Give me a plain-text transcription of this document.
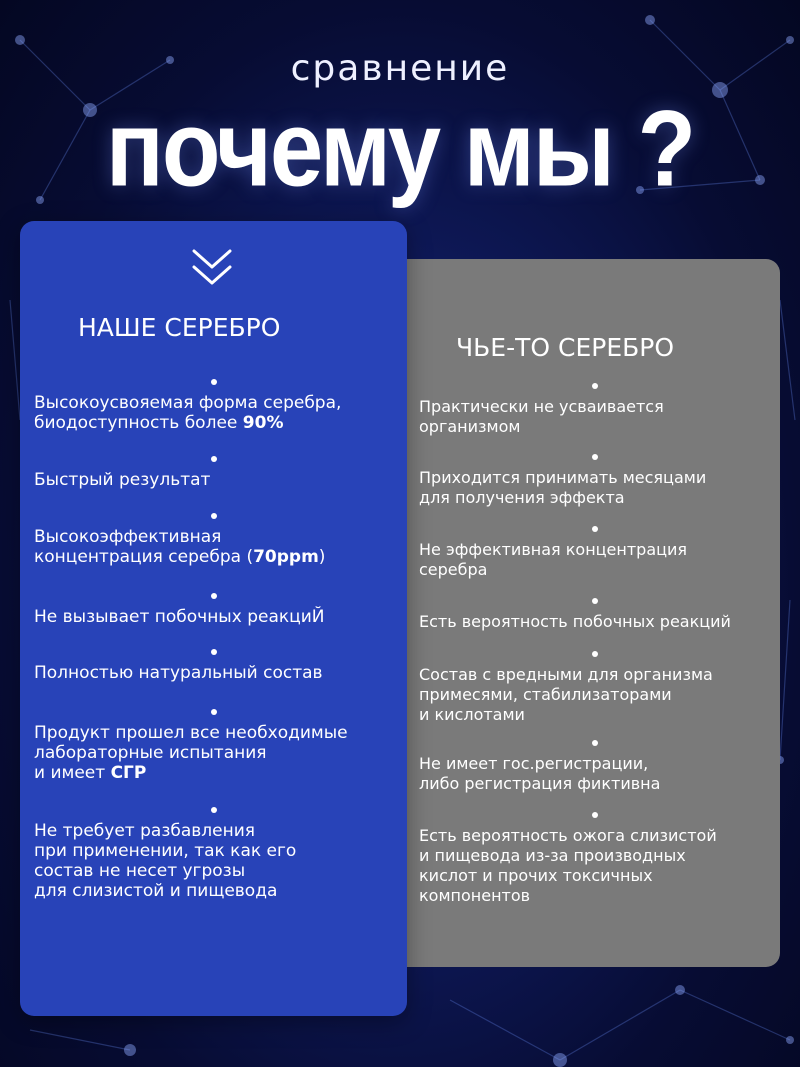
сравнение
почему мы ?
НАШЕ СЕРЕБРО
ЧЬЕ-ТО СЕРЕБРО
Высокоусвояемая форма серебра,
биодоступность более 90%
Быстрый результат
Высокоэффективная
концентрация серебра (70ppm)
Не вызывает побочных реакциЙ
Полностью натуральный состав
Продукт прошел все необходимые
лабораторные испытания
и имеет СГР
Не требует разбавления
при применении, так как его
состав не несет угрозы
для слизистой и пищевода
Практически не усваивается
организмом
Приходится принимать месяцами
для получения эффекта
Не эффективная концентрация
серебра
Есть вероятность побочных реакций
Состав с вредными для организма
примесями, стабилизаторами
и кислотами
Не имеет гос.регистрации,
либо регистрация фиктивна
Есть вероятность ожога слизистой
и пищевода из-за производных
кислот и прочих токсичных
компонентов
